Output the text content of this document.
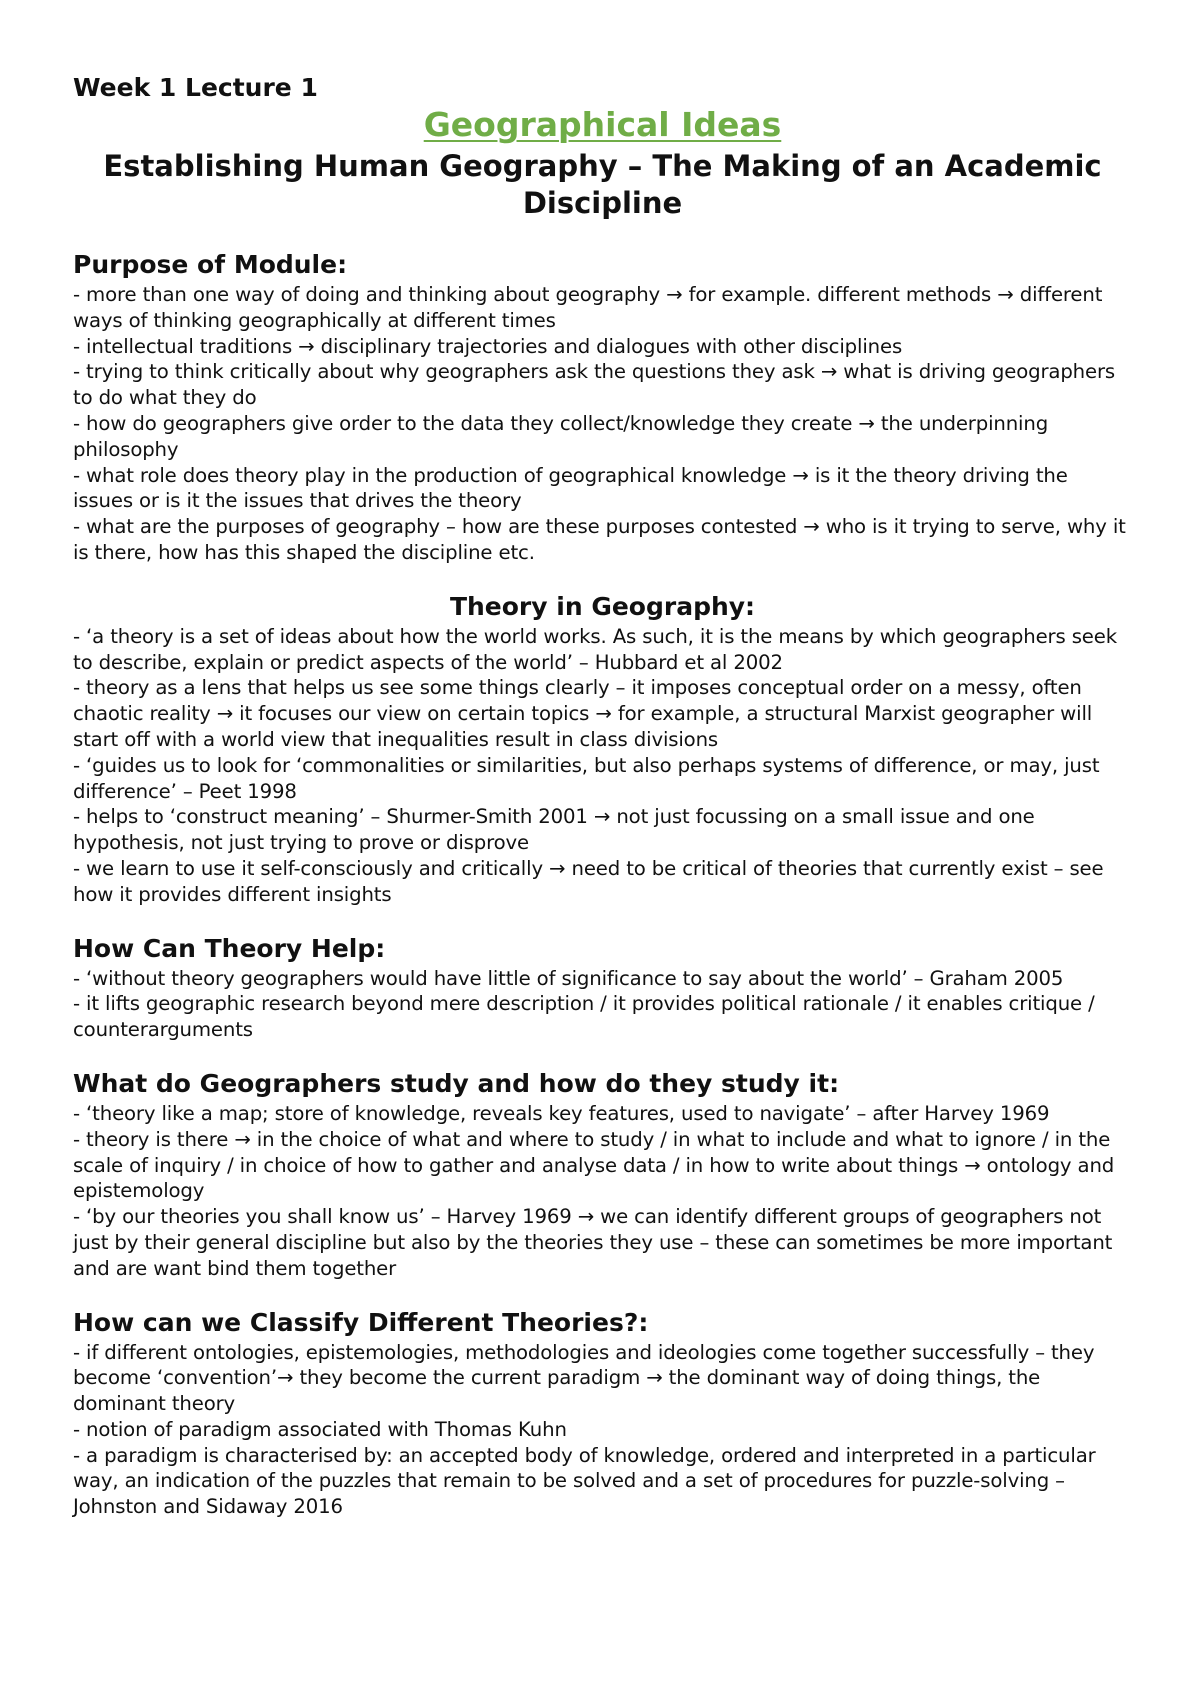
Week 1 Lecture 1

Geographical Ideas
Establishing Human Geography – The Making of an Academic Discipline
Purpose of Module:
- more than one way of doing and thinking about geography → for example. different methods → different ways of thinking geographically at different times
- intellectual traditions → disciplinary trajectories and dialogues with other disciplines
- trying to think critically about why geographers ask the questions they ask → what is driving geographers to do what they do
- how do geographers give order to the data they collect/knowledge they create → the underpinning philosophy
- what role does theory play in the production of geographical knowledge → is it the theory driving the issues or is it the issues that drives the theory
- what are the purposes of geography – how are these purposes contested → who is it trying to serve, why it is there, how has this shaped the discipline etc.
Theory in Geography:
- ‘a theory is a set of ideas about how the world works. As such, it is the means by which geographers seek to describe, explain or predict aspects of the world’ – Hubbard et al 2002
- theory as a lens that helps us see some things clearly – it imposes conceptual order on a messy, often chaotic reality → it focuses our view on certain topics → for example, a structural Marxist geographer will start off with a world view that inequalities result in class divisions
- ‘guides us to look for ‘commonalities or similarities, but also perhaps systems of difference, or may, just difference’ – Peet 1998
- helps to ‘construct meaning’ – Shurmer-Smith 2001 → not just focussing on a small issue and one hypothesis, not just trying to prove or disprove
- we learn to use it self-consciously and critically → need to be critical of theories that currently exist – see how it provides different insights
How Can Theory Help:
- ‘without theory geographers would have little of significance to say about the world’ – Graham 2005
- it lifts geographic research beyond mere description / it provides political rationale / it enables critique / counterarguments
What do Geographers study and how do they study it:
- ‘theory like a map; store of knowledge, reveals key features, used to navigate’ – after Harvey 1969
- theory is there → in the choice of what and where to study / in what to include and what to ignore / in the scale of inquiry / in choice of how to gather and analyse data / in how to write about things → ontology and epistemology
- ‘by our theories you shall know us’ – Harvey 1969 → we can identify different groups of geographers not just by their general discipline but also by the theories they use – these can sometimes be more important and are want bind them together
How can we Classify Different Theories?:
- if different ontologies, epistemologies, methodologies and ideologies come together successfully – they become ‘convention’→ they become the current paradigm → the dominant way of doing things, the dominant theory
- notion of paradigm associated with Thomas Kuhn
- a paradigm is characterised by: an accepted body of knowledge, ordered and interpreted in a particular way, an indication of the puzzles that remain to be solved and a set of procedures for puzzle-solving – Johnston and Sidaway 2016
